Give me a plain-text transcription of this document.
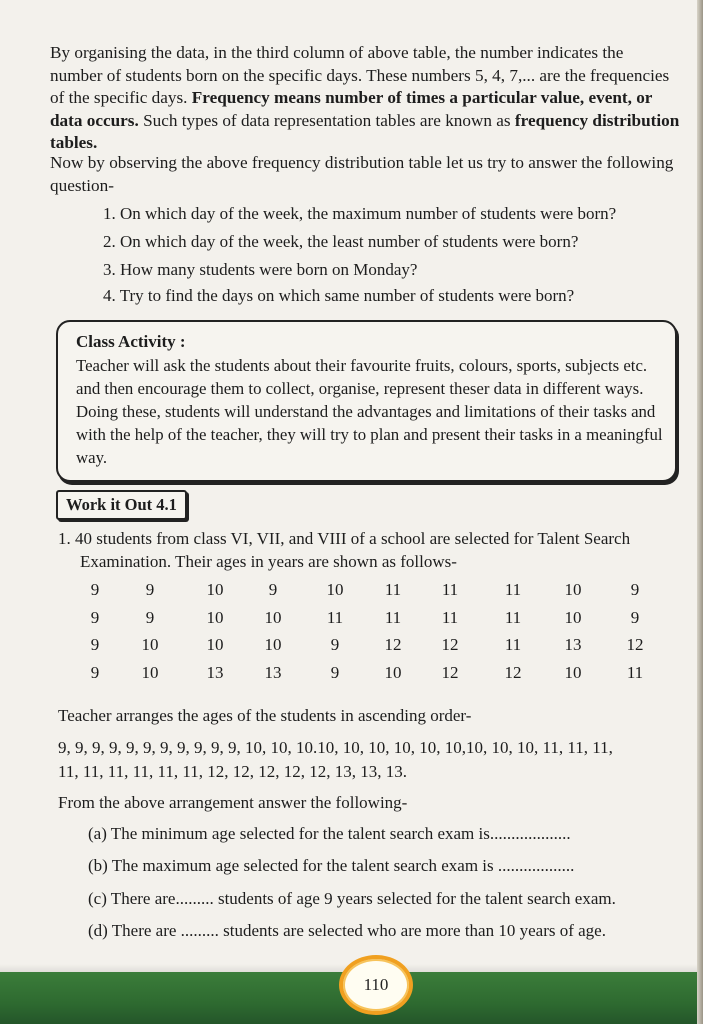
By organising the data, in the third column of above table, the number indicates the number of students born on the specific days. These numbers 5, 4, 7,... are the frequencies of the specific days. Frequency means number of times a particular value, event, or data occurs. Such types of data representation tables are known as frequency distribution tables.

Now by observing the above frequency distribution table let us try to answer the following question-

1. On which day of the week, the maximum number of students were born?
2. On which day of the week, the least number of students were born?
3. How many students were born on Monday?
4. Try to find the days on which same number of students were born?
Class Activity :
Teacher will ask the students about their favourite fruits, colours, sports, subjects etc. and then encourage them to collect, organise, represent theser data in different ways. Doing these, students will understand the advantages and limitations of their tasks and with the help of the teacher, they will try to plan and present their tasks in a meaningful way.
Work it Out 4.1
1. 40 students from class VI, VII, and VIII of a school are selected for Talent Search
Examination. Their ages in years are shown as follows-
9	9	10	9	10	11	11	11	10	9
9	9	10	10	11	11	11	11	10	9
9	10	10	10	9	12	12	11	13	12
9	10	13	13	9	10	12	12	10	11
Teacher arranges the ages of the students in ascending order-
9, 9, 9, 9, 9, 9, 9, 9, 9, 9, 9, 10, 10, 10.10, 10, 10, 10, 10, 10,10, 10, 10, 11, 11, 11,
11, 11, 11, 11, 11, 11, 12, 12, 12, 12, 12, 13, 13, 13.
From the above arrangement answer the following-
(a) The minimum age selected for the talent search exam is...................
(b) The maximum age selected for the talent search exam is ..................
(c) There are......... students of age 9 years selected for the talent search exam.
(d) There are ......... students are selected who are more than 10 years of age.
110
